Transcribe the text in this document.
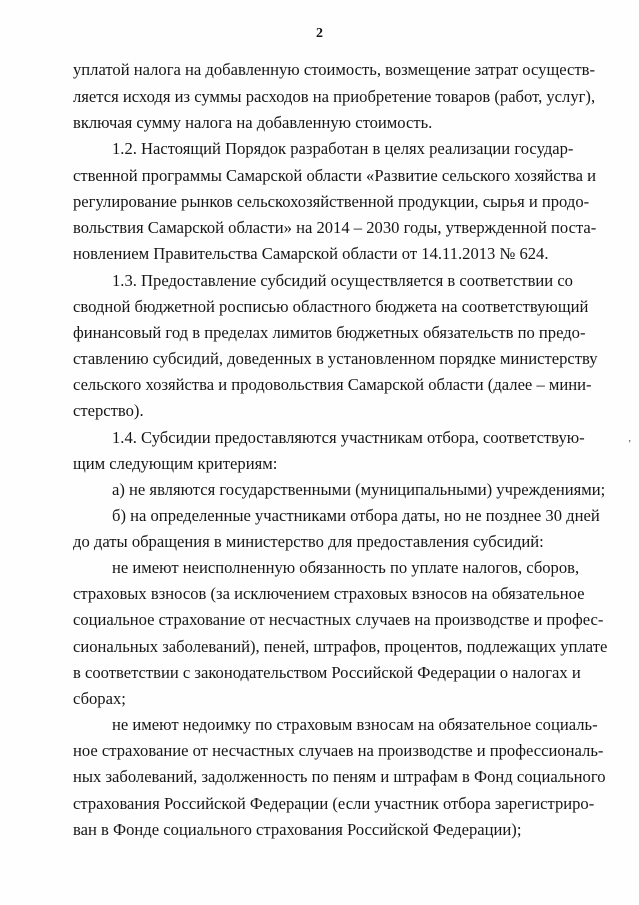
2
уплатой налога на добавленную стоимость, возмещение затрат осуществ-
ляется исходя из суммы расходов на приобретение товаров (работ, услуг),
включая сумму налога на добавленную стоимость.
1.2. Настоящий Порядок разработан в целях реализации государ-
ственной программы Самарской области «Развитие сельского хозяйства и
регулирование рынков сельскохозяйственной продукции, сырья и продо-
вольствия Самарской области» на 2014 – 2030 годы, утвержденной поста-
новлением Правительства Самарской области от 14.11.2013 № 624.
1.3. Предоставление субсидий осуществляется в соответствии со
сводной бюджетной росписью областного бюджета на соответствующий
финансовый год в пределах лимитов бюджетных обязательств по предо-
ставлению субсидий, доведенных в установленном порядке министерству
сельского хозяйства и продовольствия Самарской области (далее – мини-
стерство).
1.4. Субсидии предоставляются участникам отбора, соответствую-
щим следующим критериям:
а) не являются государственными (муниципальными) учреждениями;
б) на определенные участниками отбора даты, но не позднее 30 дней
до даты обращения в министерство для предоставления субсидий:
не имеют неисполненную обязанность по уплате налогов, сборов,
страховых взносов (за исключением страховых взносов на обязательное
социальное страхование от несчастных случаев на производстве и профес-
сиональных заболеваний), пеней, штрафов, процентов, подлежащих уплате
в соответствии с законодательством Российской Федерации о налогах и
сборах;
не имеют недоимку по страховым взносам на обязательное социаль-
ное страхование от несчастных случаев на производстве и профессиональ-
ных заболеваний, задолженность по пеням и штрафам в Фонд социального
страхования Российской Федерации (если участник отбора зарегистриро-
ван в Фонде социального страхования Российской Федерации);
,
